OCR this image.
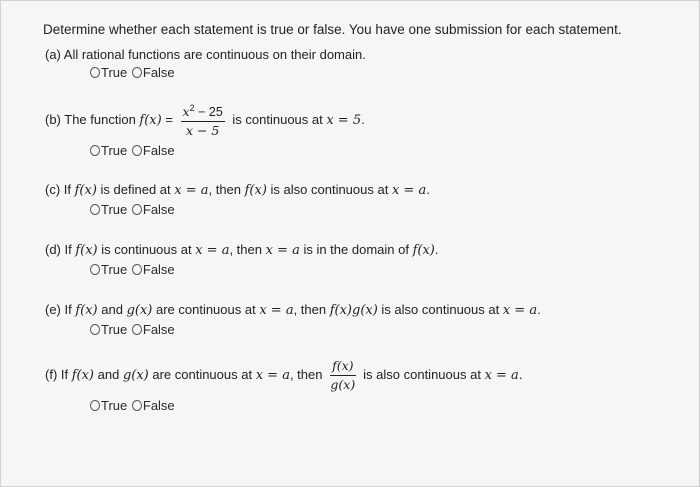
Determine whether each statement is true or false. You have one submission for each statement.
(a) All rational functions are continuous on their domain.
True
False
(b) The function $f(x) = \frac{x^2 - 25}{x - 5}$ is continuous at x = 5.
True
False
(c) If f(x) is defined at x = a, then f(x) is also continuous at x = a.
True
False
(d) If f(x) is continuous at x = a, then x = a is in the domain of f(x).
True
False
(e) If f(x) and g(x) are continuous at x = a, then f(x)g(x) is also continuous at x = a.
True
False
(f) If f(x) and g(x) are continuous at x = a, then $\frac{f(x)}{g(x)}$ is also continuous at x = a.
True
False
